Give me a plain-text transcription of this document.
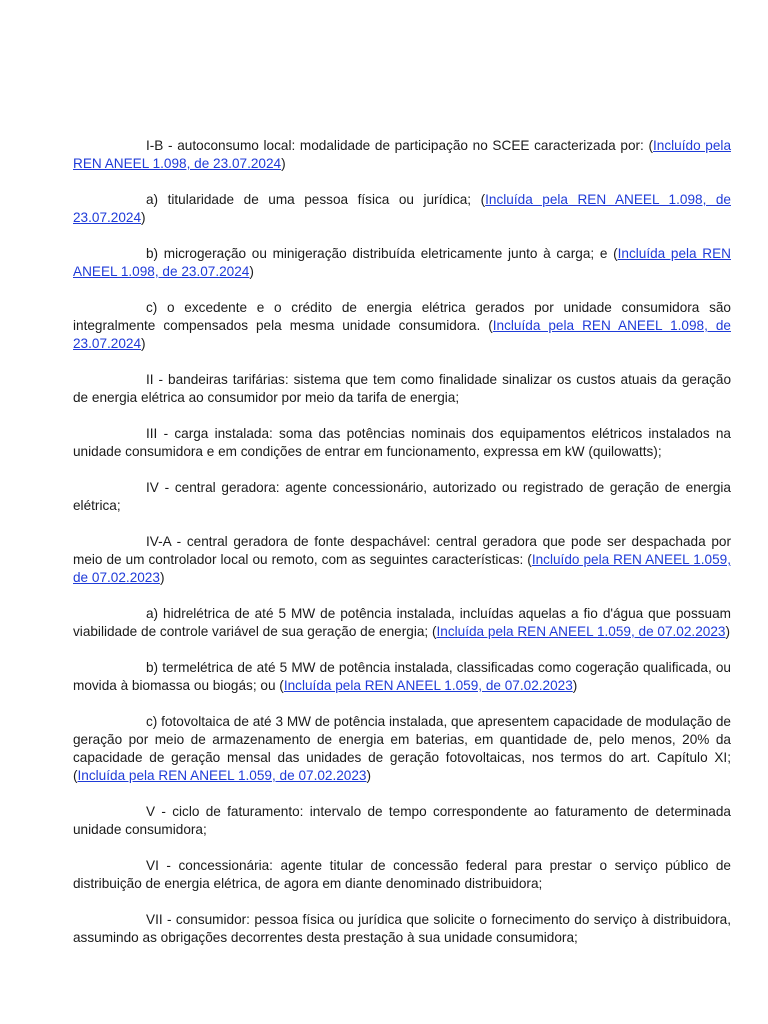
I-B - autoconsumo local: modalidade de participação no SCEE caracterizada por: (Incluído pela REN ANEEL 1.098, de 23.07.2024)

a) titularidade de uma pessoa física ou jurídica; (Incluída pela REN ANEEL 1.098, de 23.07.2024)

b) microgeração ou minigeração distribuída eletricamente junto à carga; e (Incluída pela REN ANEEL 1.098, de 23.07.2024)

c) o excedente e o crédito de energia elétrica gerados por unidade consumidora são integralmente compensados pela mesma unidade consumidora. (Incluída pela REN ANEEL 1.098, de 23.07.2024)

II - bandeiras tarifárias: sistema que tem como finalidade sinalizar os custos atuais da geração de energia elétrica ao consumidor por meio da tarifa de energia;

III - carga instalada: soma das potências nominais dos equipamentos elétricos instalados na unidade consumidora e em condições de entrar em funcionamento, expressa em kW (quilowatts);

IV - central geradora: agente concessionário, autorizado ou registrado de geração de energia elétrica;

IV-A - central geradora de fonte despachável: central geradora que pode ser despachada por meio de um controlador local ou remoto, com as seguintes características: (Incluído pela REN ANEEL 1.059, de 07.02.2023)

a) hidrelétrica de até 5 MW de potência instalada, incluídas aquelas a fio d'água que possuam viabilidade de controle variável de sua geração de energia; (Incluída pela REN ANEEL 1.059, de 07.02.2023)

b) termelétrica de até 5 MW de potência instalada, classificadas como cogeração qualificada, ou movida à biomassa ou biogás; ou (Incluída pela REN ANEEL 1.059, de 07.02.2023)

c) fotovoltaica de até 3 MW de potência instalada, que apresentem capacidade de modulação de geração por meio de armazenamento de energia em baterias, em quantidade de, pelo menos, 20% da capacidade de geração mensal das unidades de geração fotovoltaicas, nos termos do art. Capítulo XI; (Incluída pela REN ANEEL 1.059, de 07.02.2023)

V - ciclo de faturamento: intervalo de tempo correspondente ao faturamento de determinada unidade consumidora;

VI - concessionária: agente titular de concessão federal para prestar o serviço público de distribuição de energia elétrica, de agora em diante denominado distribuidora;

VII - consumidor: pessoa física ou jurídica que solicite o fornecimento do serviço à distribuidora, assumindo as obrigações decorrentes desta prestação à sua unidade consumidora;
